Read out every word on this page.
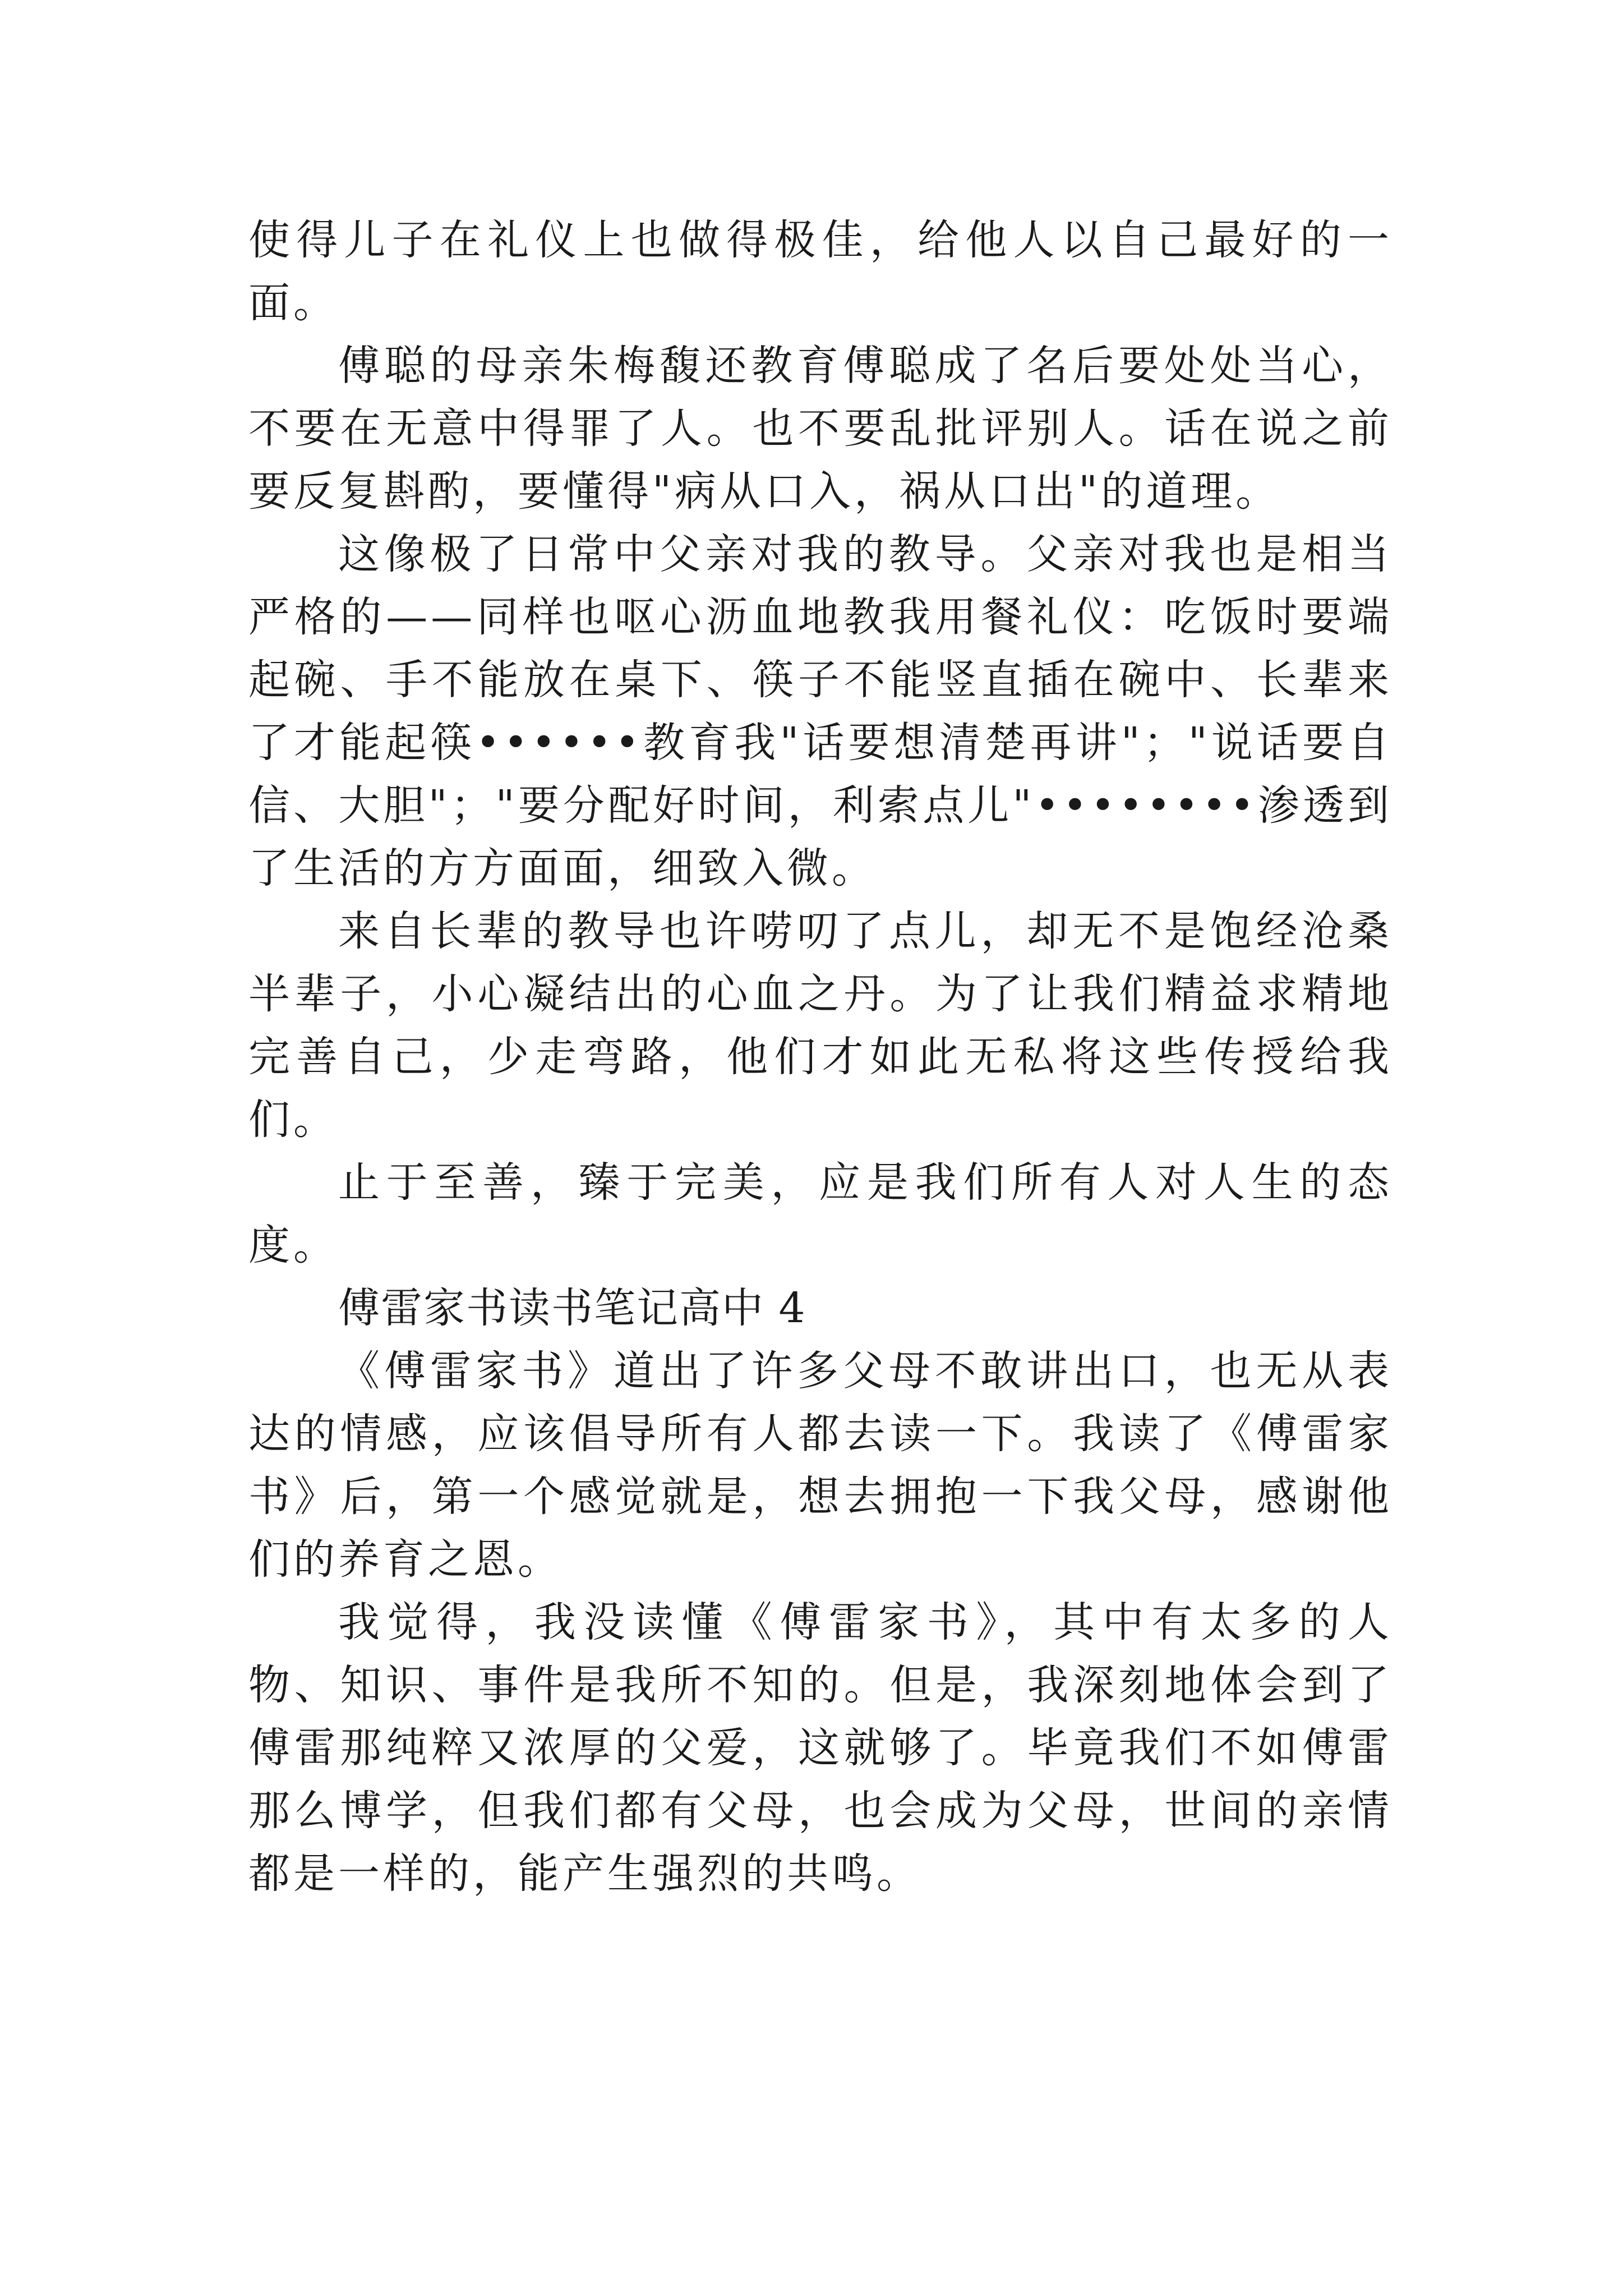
使得儿子在礼仪上也做得极佳，给他人以自己最好的一面。

傅聪的母亲朱梅馥还教育傅聪成了名后要处处当心，不要在无意中得罪了人。也不要乱批评别人。话在说之前要反复斟酌，要懂得"病从口入，祸从口出"的道理。

这像极了日常中父亲对我的教导。父亲对我也是相当严格的——同样也呕心沥血地教我用餐礼仪：吃饭时要端起碗、手不能放在桌下、筷子不能竖直插在碗中、长辈来了才能起筷••••••教育我"话要想清楚再讲"；"说话要自信、大胆"；"要分配好时间，利索点儿"••••••••渗透到了生活的方方面面，细致入微。

来自长辈的教导也许唠叨了点儿，却无不是饱经沧桑半辈子，小心凝结出的心血之丹。为了让我们精益求精地完善自己，少走弯路，他们才如此无私将这些传授给我们。

止于至善，臻于完美，应是我们所有人对人生的态度。

傅雷家书读书笔记高中 4

《傅雷家书》道出了许多父母不敢讲出口，也无从表达的情感，应该倡导所有人都去读一下。我读了《傅雷家书》后，第一个感觉就是，想去拥抱一下我父母，感谢他们的养育之恩。

我觉得，我没读懂《傅雷家书》，其中有太多的人物、知识、事件是我所不知的。但是，我深刻地体会到了傅雷那纯粹又浓厚的父爱，这就够了。毕竟我们不如傅雷那么博学，但我们都有父母，也会成为父母，世间的亲情都是一样的，能产生强烈的共鸣。
